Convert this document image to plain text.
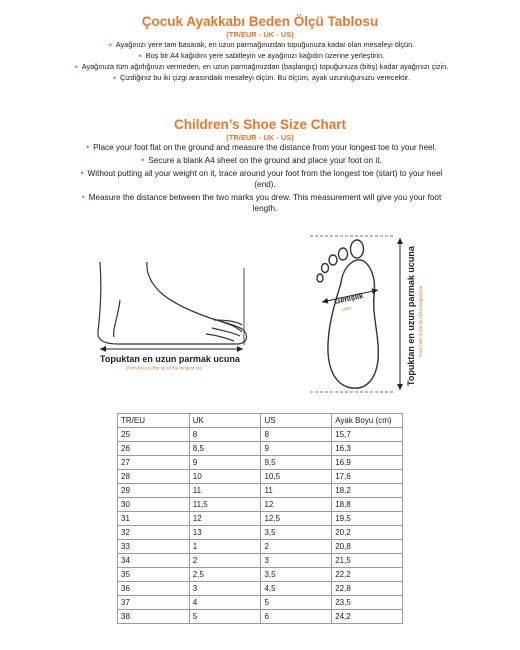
Çocuk Ayakkabı Beden Ölçü Tablosu
(TR/EUR - UK - US)
• Ayağınızı yere tam basarak, en uzun parmağınızdan topuğunuza kadar olan mesafeyi ölçün.
• Boş bir A4 kağıdını yere sabitleyin ve ayağınızı kağıdın üzerine yerleştirin.
• Ayağınıza tüm ağırlığınızı vermeden, en uzun parmağınızdan (başlangıç) topuğunuza (bitiş) kadar ayağınızı çizin.
• Çizdiğiniz bu iki çizgi arasındaki mesafeyi ölçün. Bu ölçüm, ayak uzunluğunuzu verecektir.
Children’s Shoe Size Chart
(TR/EUR - UK - US)
• Place your foot flat on the ground and measure the distance from your longest toe to your heel.
• Secure a blank A4 sheet on the ground and place your foot on it.
• Without putting all your weight on it, trace around your foot from the longest toe (start) to your heel (end).
• Measure the distance between the two marks you drew. This measurement will give you your foot length.
Topuktan en uzun parmak ucuna
From heel to the tip of the longest toe
Genişlik
width	Topuktan en uzun parmak ucuna From heel to the tip of the longest toe
TR/EU	UK	US	Ayak Boyu (cm)
25	8	8	15,7
26	8,5	9	16,3
27	9	9,5	16,9
28	10	10,5	17,6
29	11	11	18,2
30	11,5	12	18,8
31	12	12,5	19,5
32	13	3,5	20,2
33	1	2	20,8
34	2	3	21,5
35	2,5	3,5	22,2
36	3	4,5	22,8
37	4	5	23,5
38	5	6	24,2
